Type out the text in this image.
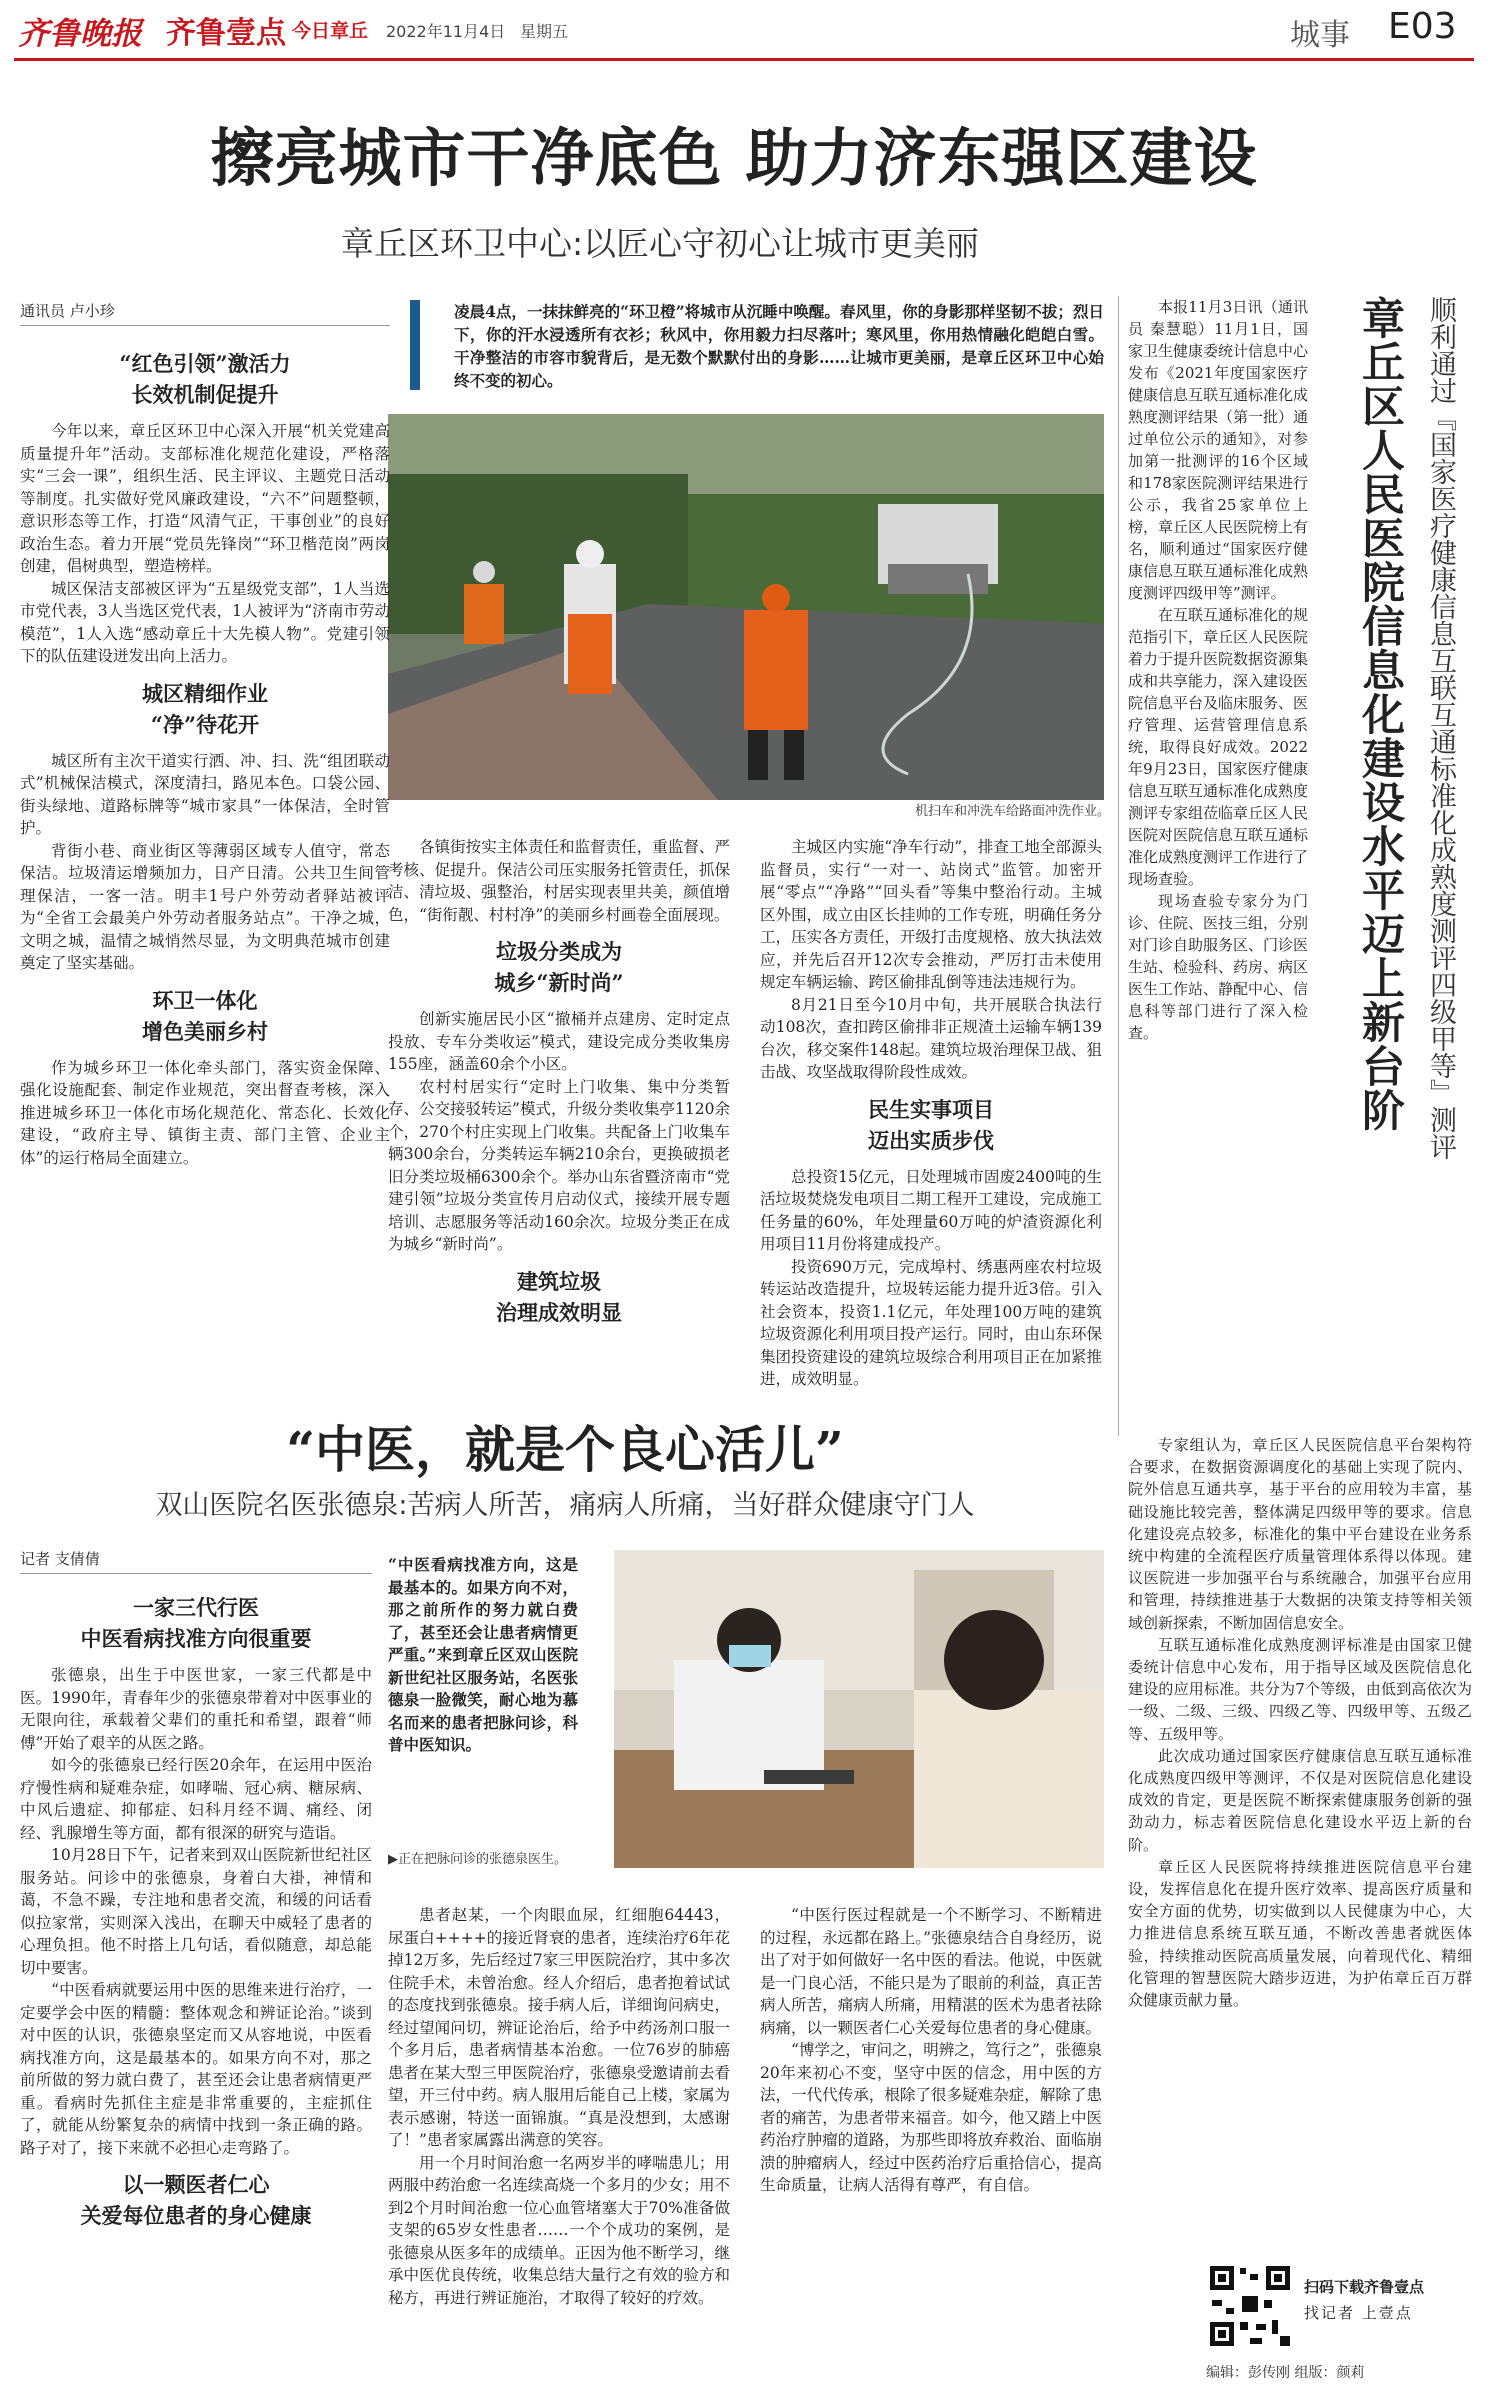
齐鲁晚报 齐鲁壹点 今日章丘 2022年11月4日 星期五	城事 E03
擦亮城市干净底色 助力济东强区建设
章丘区环卫中心:以匠心守初心让城市更美丽
通讯员 卢小珍	凌晨4点，一抹抹鲜亮的“环卫橙”将城市从沉睡中唤醒。春风里，你的身影那样坚韧不拔；烈日下，你的汗水浸透所有衣衫；秋风中，你用毅力扫尽落叶；寒风里，你用热情融化皑皑白雪。干净整洁的市容市貌背后，是无数个默默付出的身影……让城市更美丽，是章丘区环卫中心始终不变的初心。
机扫车和冲洗车给路面冲洗作业。
“红色引领”激活力
长效机制促提升

今年以来，章丘区环卫中心深入开展“机关党建高质量提升年”活动。支部标准化规范化建设，严格落实“三会一课”，组织生活、民主评议、主题党日活动等制度。扎实做好党风廉政建设，“六不”问题整顿，意识形态等工作，打造“风清气正，干事创业”的良好政治生态。着力开展“党员先锋岗”“环卫楷范岗”两岗创建，倡树典型，塑造榜样。

城区保洁支部被区评为“五星级党支部”，1人当选市党代表，3人当选区党代表，1人被评为“济南市劳动模范”，1人入选“感动章丘十大先模人物”。党建引领下的队伍建设迸发出向上活力。

城区精细作业
“净”待花开

城区所有主次干道实行洒、冲、扫、洗“组团联动式”机械保洁模式，深度清扫，路见本色。口袋公园、街头绿地、道路标牌等“城市家具”一体保洁，全时管护。

背街小巷、商业街区等薄弱区域专人值守，常态保洁。垃圾清运增频加力，日产日清。公共卫生间管理保洁，一客一洁。明丰1号户外劳动者驿站被评为“全省工会最美户外劳动者服务站点”。干净之城，文明之城，温情之城悄然尽显，为文明典范城市创建奠定了坚实基础。

环卫一体化
增色美丽乡村

作为城乡环卫一体化牵头部门，落实资金保障、强化设施配套、制定作业规范，突出督查考核，深入推进城乡环卫一体化市场化规范化、常态化、长效化建设，“政府主导、镇街主责、部门主管、企业主体”的运行格局全面建立。

各镇街按实主体责任和监督责任，重监督、严考核、促提升。保洁公司压实服务托管责任，抓保洁、清垃圾、强整治，村居实现表里共美，颜值增色，“街衔靓、村村净”的美丽乡村画卷全面展现。

垃圾分类成为
城乡“新时尚”

创新实施居民小区“撤桶并点建房、定时定点投放、专车分类收运”模式，建设完成分类收集房155座，涵盖60余个小区。

农村村居实行“定时上门收集、集中分类暂存、公交接驳转运”模式，升级分类收集亭1120余个，270个村庄实现上门收集。共配备上门收集车辆300余台，分类转运车辆210余台，更换破损老旧分类垃圾桶6300余个。举办山东省暨济南市“党建引领”垃圾分类宣传月启动仪式，接续开展专题培训、志愿服务等活动160余次。垃圾分类正在成为城乡“新时尚”。

建筑垃圾
治理成效明显

主城区内实施“净车行动”，排查工地全部源头监督员，实行“一对一、站岗式”监管。加密开展“零点”“净路”“回头看”等集中整治行动。主城区外围，成立由区长挂帅的工作专班，明确任务分工，压实各方责任，开级打击度规格、放大执法效应，并先后召开12次专会推动，严厉打击未使用规定车辆运输、跨区偷排乱倒等违法违规行为。

8月21日至今10月中旬，共开展联合执法行动108次，查扣跨区偷排非正规渣土运输车辆139台次，移交案件148起。建筑垃圾治理保卫战、狙击战、攻坚战取得阶段性成效。

民生实事项目
迈出实质步伐

总投资15亿元，日处理城市固废2400吨的生活垃圾焚烧发电项目二期工程开工建设，完成施工任务量的60%，年处理量60万吨的炉渣资源化利用项目11月份将建成投产。

投资690万元，完成埠村、绣惠两座农村垃圾转运站改造提升，垃圾转运能力提升近3倍。引入社会资本，投资1.1亿元，年处理100万吨的建筑垃圾资源化利用项目投产运行。同时，由山东环保集团投资建设的建筑垃圾综合利用项目正在加紧推进，成效明显。

本报11月3日讯（通讯员 秦慧聪）11月1日，国家卫生健康委统计信息中心发布《2021年度国家医疗健康信息互联互通标准化成熟度测评结果（第一批）通过单位公示的通知》，对参加第一批测评的16个区域和178家医院测评结果进行公示，我省25家单位上榜，章丘区人民医院榜上有名，顺利通过“国家医疗健康信息互联互通标准化成熟度测评四级甲等”测评。

在互联互通标准化的规范指引下，章丘区人民医院着力于提升医院数据资源集成和共享能力，深入建设医院信息平台及临床服务、医疗管理、运营管理信息系统，取得良好成效。2022年9月23日，国家医疗健康信息互联互通标准化成熟度测评专家组莅临章丘区人民医院对医院信息互联互通标准化成熟度测评工作进行了现场查验。

现场查验专家分为门诊、住院、医技三组，分别对门诊自助服务区、门诊医生站、检验科、药房、病区医生工作站、静配中心、信息科等部门进行了深入检查。	章丘区人民医院信息化建设水平迈上新台阶 顺利通过『国家医疗健康信息互联互通标准化成熟度测评四级甲等』测评

专家组认为，章丘区人民医院信息平台架构符合要求，在数据资源调度化的基础上实现了院内、院外信息互通共享，基于平台的应用较为丰富，基础设施比较完善，整体满足四级甲等的要求。信息化建设亮点较多，标准化的集中平台建设在业务系统中构建的全流程医疗质量管理体系得以体现。建议医院进一步加强平台与系统融合，加强平台应用和管理，持续推进基于大数据的决策支持等相关领域创新探索，不断加固信息安全。

互联互通标准化成熟度测评标准是由国家卫健委统计信息中心发布，用于指导区域及医院信息化建设的应用标准。共分为7个等级，由低到高依次为一级、二级、三级、四级乙等、四级甲等、五级乙等、五级甲等。

此次成功通过国家医疗健康信息互联互通标准化成熟度四级甲等测评，不仅是对医院信息化建设成效的肯定，更是医院不断探索健康服务创新的强劲动力，标志着医院信息化建设水平迈上新的台阶。

章丘区人民医院将持续推进医院信息平台建设，发挥信息化在提升医疗效率、提高医疗质量和安全方面的优势，切实做到以人民健康为中心，大力推进信息系统互联互通，不断改善患者就医体验，持续推动医院高质量发展，向着现代化、精细化管理的智慧医院大踏步迈进，为护佑章丘百万群众健康贡献力量。

“中医，就是个良心活儿”
双山医院名医张德泉:苦病人所苦，痛病人所痛，当好群众健康守门人
记者 支倩倩	“中医看病找准方向，这是最基本的。如果方向不对，那之前所作的努力就白费了，甚至还会让患者病情更严重。”来到章丘区双山医院新世纪社区服务站，名医张德泉一脸微笑，耐心地为慕名而来的患者把脉问诊，科普中医知识。
▶正在把脉问诊的张德泉医生。
一家三代行医
中医看病找准方向很重要

张德泉，出生于中医世家，一家三代都是中医。1990年，青春年少的张德泉带着对中医事业的无限向往，承载着父辈们的重托和希望，跟着“师傅”开始了艰辛的从医之路。

如今的张德泉已经行医20余年，在运用中医治疗慢性病和疑难杂症，如哮喘、冠心病、糖尿病、中风后遗症、抑郁症、妇科月经不调、痛经、闭经、乳腺增生等方面，都有很深的研究与造诣。

10月28日下午，记者来到双山医院新世纪社区服务站。问诊中的张德泉，身着白大褂，神情和蔼，不急不躁，专注地和患者交流，和缓的问话看似拉家常，实则深入浅出，在聊天中威轻了患者的心理负担。他不时搭上几句话，看似随意，却总能切中要害。

“中医看病就要运用中医的思维来进行治疗，一定要学会中医的精髓：整体观念和辨证论治。”谈到对中医的认识，张德泉坚定而又从容地说，中医看病找准方向，这是最基本的。如果方向不对，那之前所做的努力就白费了，甚至还会让患者病情更严重。看病时先抓住主症是非常重要的，主症抓住了，就能从纷繁复杂的病情中找到一条正确的路。路子对了，接下来就不必担心走弯路了。

以一颗医者仁心
关爱每位患者的身心健康

患者赵某，一个肉眼血尿，红细胞64443，尿蛋白++++的接近肾衰的患者，连续治疗6年花掉12万多，先后经过7家三甲医院治疗，其中多次住院手术，未曾治愈。经人介绍后，患者抱着试试的态度找到张德泉。接手病人后，详细询问病史，经过望闻问切，辨证论治后，给予中药汤剂口服一个多月后，患者病情基本治愈。一位76岁的肺癌患者在某大型三甲医院治疗，张德泉受邀请前去看望，开三付中药。病人服用后能自己上楼，家属为表示感谢，特送一面锦旗。“真是没想到，太感谢了！”患者家属露出满意的笑容。

用一个月时间治愈一名两岁半的哮喘患儿；用两服中药治愈一名连续高烧一个多月的少女；用不到2个月时间治愈一位心血管堵塞大于70%准备做支架的65岁女性患者……一个个成功的案例，是张德泉从医多年的成绩单。正因为他不断学习，继承中医优良传统，收集总结大量行之有效的验方和秘方，再进行辨证施治，才取得了较好的疗效。

“中医行医过程就是一个不断学习、不断精进的过程，永远都在路上。”张德泉结合自身经历，说出了对于如何做好一名中医的看法。他说，中医就是一门良心活，不能只是为了眼前的利益，真正苦病人所苦，痛病人所痛，用精湛的医术为患者祛除病痛，以一颗医者仁心关爱每位患者的身心健康。

“博学之，审问之，明辨之，笃行之”，张德泉20年来初心不变，坚守中医的信念，用中医的方法，一代代传承，根除了很多疑难杂症，解除了患者的痛苦，为患者带来福音。如今，他又踏上中医药治疗肿瘤的道路，为那些即将放弃救治、面临崩溃的肿瘤病人，经过中医药治疗后重拾信心，提高生命质量，让病人活得有尊严，有自信。

扫码下载齐鲁壹点
找记者 上壹点
编辑：彭传刚 组版：颜莉
